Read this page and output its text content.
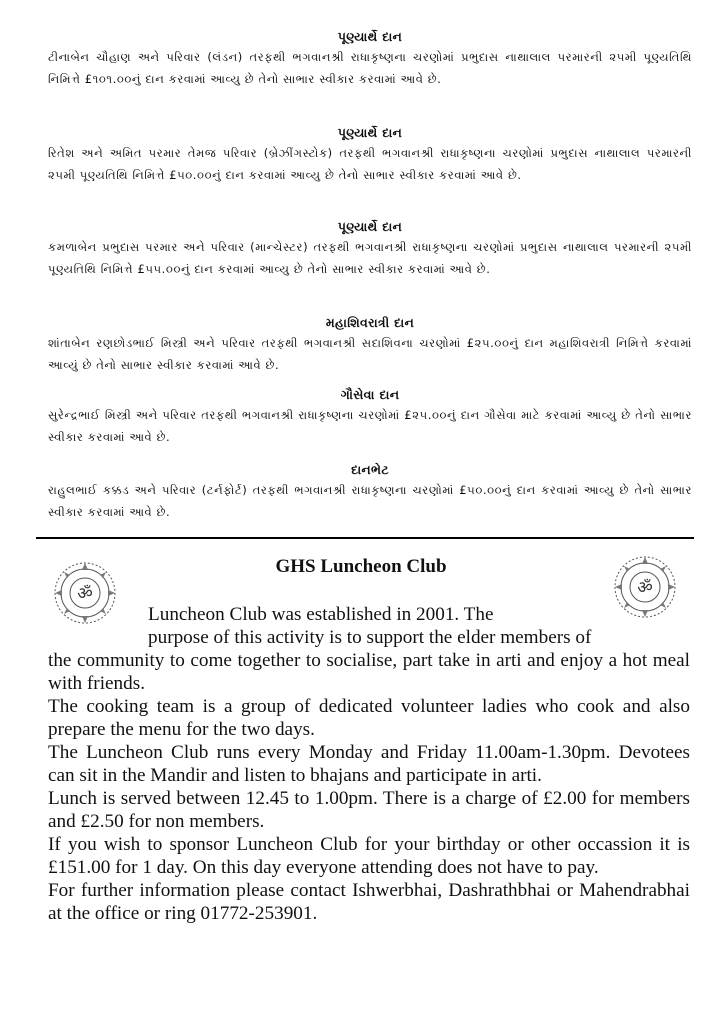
પૂણ્યાર્થે દાન

ટીનાબેન ચૌહાણ અને પરિવાર (લંડન) તરફથી ભગવાનશ્રી રાધાકૃષ્ણના ચરણોમાં પ્રભુદાસ નાથાલાલ પરમારની ૨૫મી પૂણ્યતિથિ નિમિત્તે £૧૦૧.૦૦નું દાન કરવામાં આવ્યુ છે તેનો સાભાર સ્વીકાર કરવામાં આવે છે.

પૂણ્યાર્થે દાન

રિતેશ અને અમિત પરમાર તેમજ પરિવાર (બ્રેઝીંગસ્ટોક) તરફથી ભગવાનશ્રી રાધાકૃષ્ણના ચરણોમાં પ્રભુદાસ નાથાલાલ પરમારની ૨૫મી પૂણ્યતિથિ નિમિત્તે £૫૦.૦૦નું દાન કરવામાં આવ્યુ છે તેનો સાભાર સ્વીકાર કરવામાં આવે છે.

પૂણ્યાર્થે દાન

કમળાબેન પ્રભુદાસ પરમાર અને પરિવાર (માન્ચેસ્ટર) તરફથી ભગવાનશ્રી રાધાકૃષ્ણના ચરણોમાં પ્રભુદાસ નાથાલાલ પરમારની ૨૫મી પૂણ્યતિથિ નિમિત્તે £૫૫.૦૦નું દાન કરવામાં આવ્યુ છે તેનો સાભાર સ્વીકાર કરવામાં આવે છે.

મહાશિવરાત્રી દાન

શાંતાબેન રણછોડભાઈ મિસ્ત્રી અને પરિવાર તરફથી ભગવાનશ્રી સદાશિવના ચરણોમાં £૨૫.૦૦નું દાન મહાશિવરાત્રી નિમિત્તે કરવામાં આવ્યું છે તેનો સાભાર સ્વીકાર કરવામાં આવે છે.

ગૌસેવા દાન

સુરેન્દ્રભાઈ મિસ્ત્રી અને પરિવાર તરફથી ભગવાનશ્રી રાધાકૃષ્ણના ચરણોમાં £૨૫.૦૦નું દાન ગૌસેવા માટે કરવામાં આવ્યુ છે તેનો સાભાર સ્વીકાર કરવામાં આવે છે.

દાનભેટ

રાહુલભાઈ કક્કડ અને પરિવાર (ટર્નફોર્ટ) તરફથી ભગવાનશ્રી રાધાકૃષ્ણના ચરણોમાં £૫૦.૦૦નું દાન કરવામાં આવ્યુ છે તેનો સાભાર સ્વીકાર કરવામાં આવે છે.

GHS Luncheon Club
ॐ	ॐ

Luncheon Club was established in 2001. The

purpose of this activity is to support the elder members of

the community to come together to socialise, part take in arti and enjoy a hot meal with friends.

The cooking team is a group of dedicated volunteer ladies who cook and also prepare the menu for the two days.

The Luncheon Club runs every Monday and Friday 11.00am-1.30pm. Devotees can sit in the Mandir and listen to bhajans and participate in arti.

Lunch is served between 12.45 to 1.00pm. There is a charge of £2.00 for members and £2.50 for non members.

If you wish to sponsor Luncheon Club for your birthday or other occassion it is £151.00 for 1 day. On this day everyone attending does not have to pay.

For further information please contact Ishwerbhai, Dashrathbhai or Mahendrabhai at the office or ring 01772-253901.
